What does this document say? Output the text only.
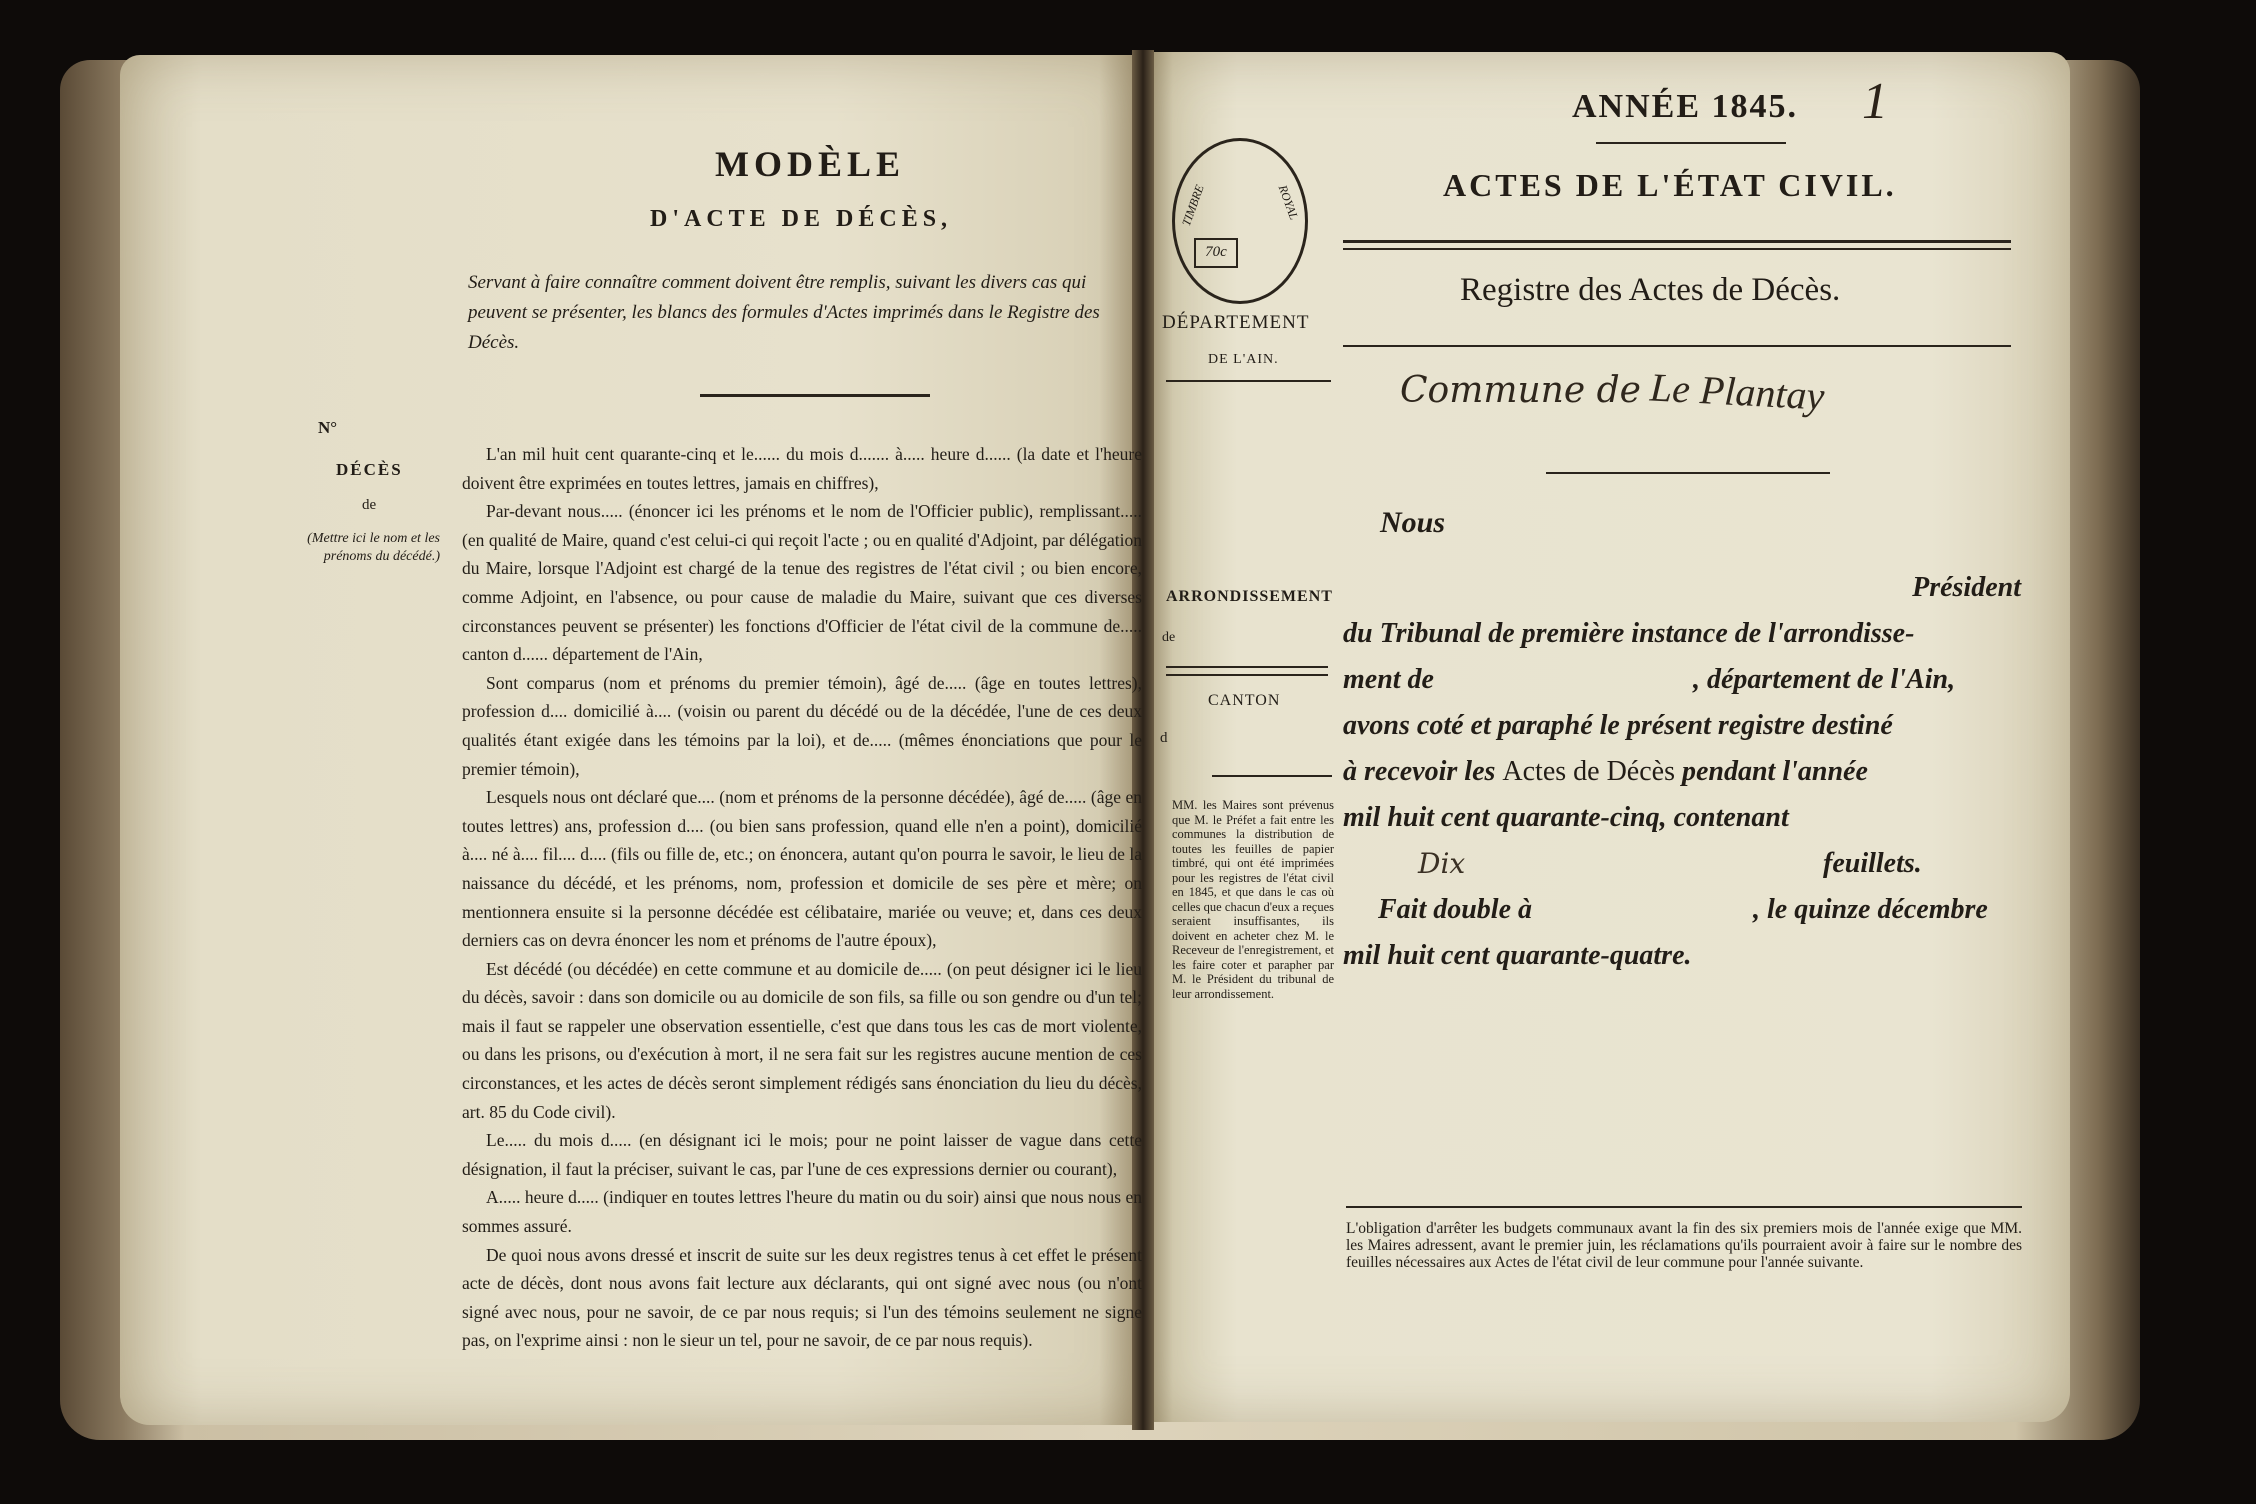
MODÈLE
D'ACTE DE DÉCÈS,
Servant à faire connaître comment doivent être remplis, suivant les divers cas qui peuvent se présenter, les blancs des formules d'Actes imprimés dans le Registre des Décès.
N°
DÉCÈS
de
(Mettre ici le nom et les prénoms du décédé.)

L'an mil huit cent quarante-cinq et le...... du mois d....... à..... heure d...... (la date et l'heure doivent être exprimées en toutes lettres, jamais en chiffres),

Par-devant nous..... (énoncer ici les prénoms et le nom de l'Officier public), remplissant..... (en qualité de Maire, quand c'est celui-ci qui reçoit l'acte ; ou en qualité d'Adjoint, par délégation du Maire, lorsque l'Adjoint est chargé de la tenue des registres de l'état civil ; ou bien encore, comme Adjoint, en l'absence, ou pour cause de maladie du Maire, suivant que ces diverses circonstances peuvent se présenter) les fonctions d'Officier de l'état civil de la commune de..... canton d...... département de l'Ain,

Sont comparus (nom et prénoms du premier témoin), âgé de..... (âge en toutes lettres), profession d.... domicilié à.... (voisin ou parent du décédé ou de la décédée, l'une de ces deux qualités étant exigée dans les témoins par la loi), et de..... (mêmes énonciations que pour le premier témoin),

Lesquels nous ont déclaré que.... (nom et prénoms de la personne décédée), âgé de..... (âge en toutes lettres) ans, profession d.... (ou bien sans profession, quand elle n'en a point), domicilié à.... né à.... fil.... d.... (fils ou fille de, etc.; on énoncera, autant qu'on pourra le savoir, le lieu de la naissance du décédé, et les prénoms, nom, profession et domicile de ses père et mère; on mentionnera ensuite si la personne décédée est célibataire, mariée ou veuve; et, dans ces deux derniers cas on devra énoncer les nom et prénoms de l'autre époux),

Est décédé (ou décédée) en cette commune et au domicile de..... (on peut désigner ici le lieu du décès, savoir : dans son domicile ou au domicile de son fils, sa fille ou son gendre ou d'un tel; mais il faut se rappeler une observation essentielle, c'est que dans tous les cas de mort violente, ou dans les prisons, ou d'exécution à mort, il ne sera fait sur les registres aucune mention de ces circonstances, et les actes de décès seront simplement rédigés sans énonciation du lieu du décès, art. 85 du Code civil).

Le..... du mois d..... (en désignant ici le mois; pour ne point laisser de vague dans cette désignation, il faut la préciser, suivant le cas, par l'une de ces expressions dernier ou courant),

A..... heure d..... (indiquer en toutes lettres l'heure du matin ou du soir) ainsi que nous nous en sommes assuré.

De quoi nous avons dressé et inscrit de suite sur les deux registres tenus à cet effet le présent acte de décès, dont nous avons fait lecture aux déclarants, qui ont signé avec nous (ou n'ont signé avec nous, pour ne savoir, de ce par nous requis; si l'un des témoins seulement ne signe pas, on l'exprime ainsi : non le sieur un tel, pour ne savoir, de ce par nous requis).

ANNÉE 1845. 1
ACTES DE L'ÉTAT CIVIL.
Registre des Actes de Décès.
70c
TIMBRE	ROYAL
DÉPARTEMENT
DE L'AIN.
ARRONDISSEMENT
de
CANTON
d
MM. les Maires sont prévenus que M. le Préfet a fait entre les communes la distribution de toutes les feuilles de papier timbré, qui ont été imprimées pour les registres de l'état civil en 1845, et que dans le cas où celles que chacun d'eux a reçues seraient insuffisantes, ils doivent en acheter chez M. le Receveur de l'enregistrement, et les faire coter et parapher par M. le Président du tribunal de leur arrondissement.
Commune de Le Plantay
Nous
Président
du Tribunal de première instance de l'arrondisse-
ment de	, département de l'Ain,
avons coté et paraphé le présent registre destiné
à recevoir les Actes de Décès pendant l'année
mil huit cent quarante-cinq, contenant
Dix	feuillets.
Fait double à	, le quinze décembre
mil huit cent quarante-quatre.
L'obligation d'arrêter les budgets communaux avant la fin des six premiers mois de l'année exige que MM. les Maires adressent, avant le premier juin, les réclamations qu'ils pourraient avoir à faire sur le nombre des feuilles nécessaires aux Actes de l'état civil de leur commune pour l'année suivante.
